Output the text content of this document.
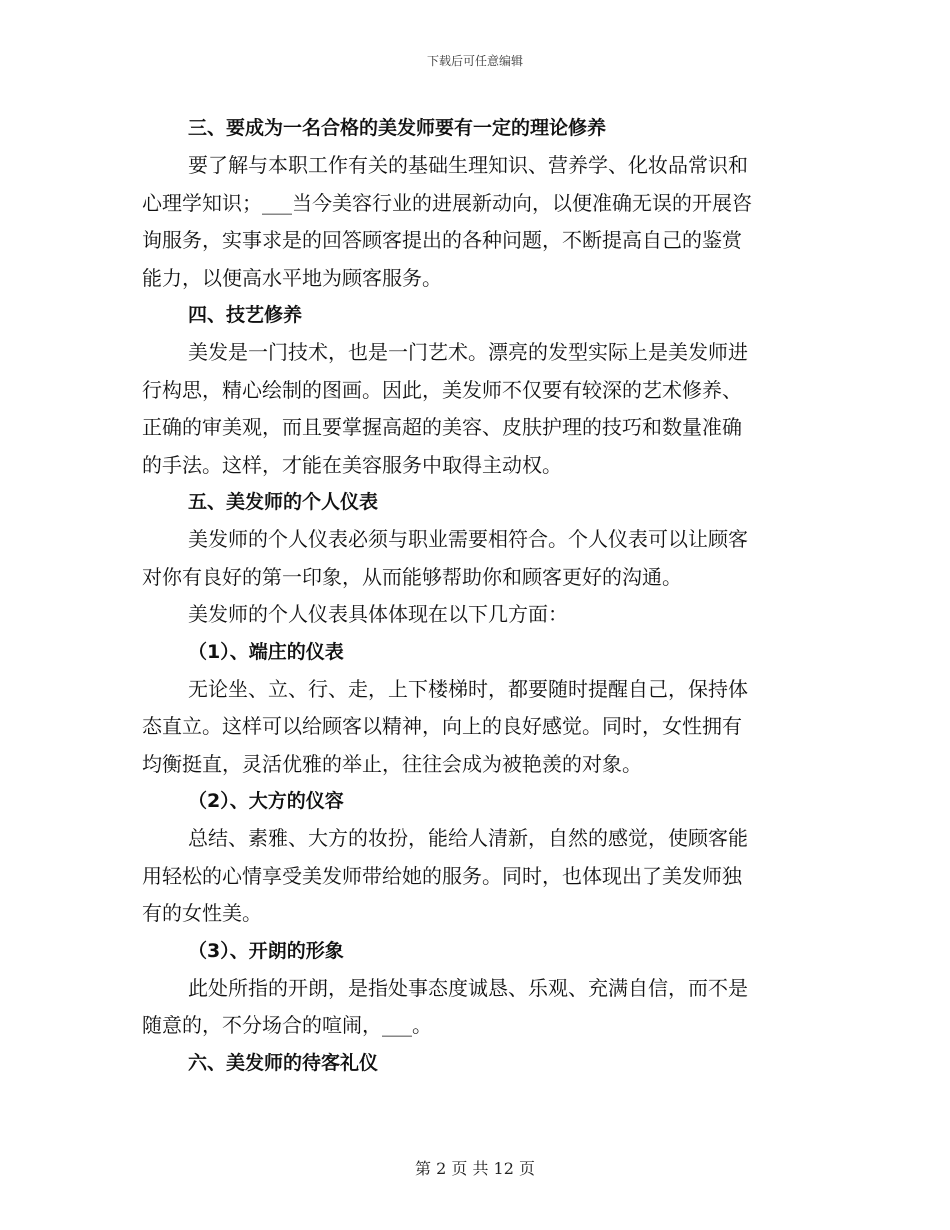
下载后可任意编辑
三、要成为一名合格的美发师要有一定的理论修养

要了解与本职工作有关的基础生理知识、营养学、化妆品常识和
心理学知识；___当今美容行业的进展新动向，以便准确无误的开展咨
询服务，实事求是的回答顾客提出的各种问题，不断提高自己的鉴赏
能力，以便高水平地为顾客服务。

四、技艺修养

美发是一门技术，也是一门艺术。漂亮的发型实际上是美发师进
行构思，精心绘制的图画。因此，美发师不仅要有较深的艺术修养、
正确的审美观，而且要掌握高超的美容、皮肤护理的技巧和数量准确
的手法。这样，才能在美容服务中取得主动权。

五、美发师的个人仪表

美发师的个人仪表必须与职业需要相符合。个人仪表可以让顾客
对你有良好的第一印象，从而能够帮助你和顾客更好的沟通。

美发师的个人仪表具体体现在以下几方面：

（1）、端庄的仪表

无论坐、立、行、走，上下楼梯时，都要随时提醒自己，保持体
态直立。这样可以给顾客以精神，向上的良好感觉。同时，女性拥有
均衡挺直，灵活优雅的举止，往往会成为被艳羡的对象。

（2）、大方的仪容

总结、素雅、大方的妆扮，能给人清新，自然的感觉，使顾客能
用轻松的心情享受美发师带给她的服务。同时，也体现出了美发师独
有的女性美。

（3）、开朗的形象

此处所指的开朗，是指处事态度诚恳、乐观、充满自信，而不是
随意的，不分场合的喧闹，___。

六、美发师的待客礼仪
第 2 页 共 12 页
